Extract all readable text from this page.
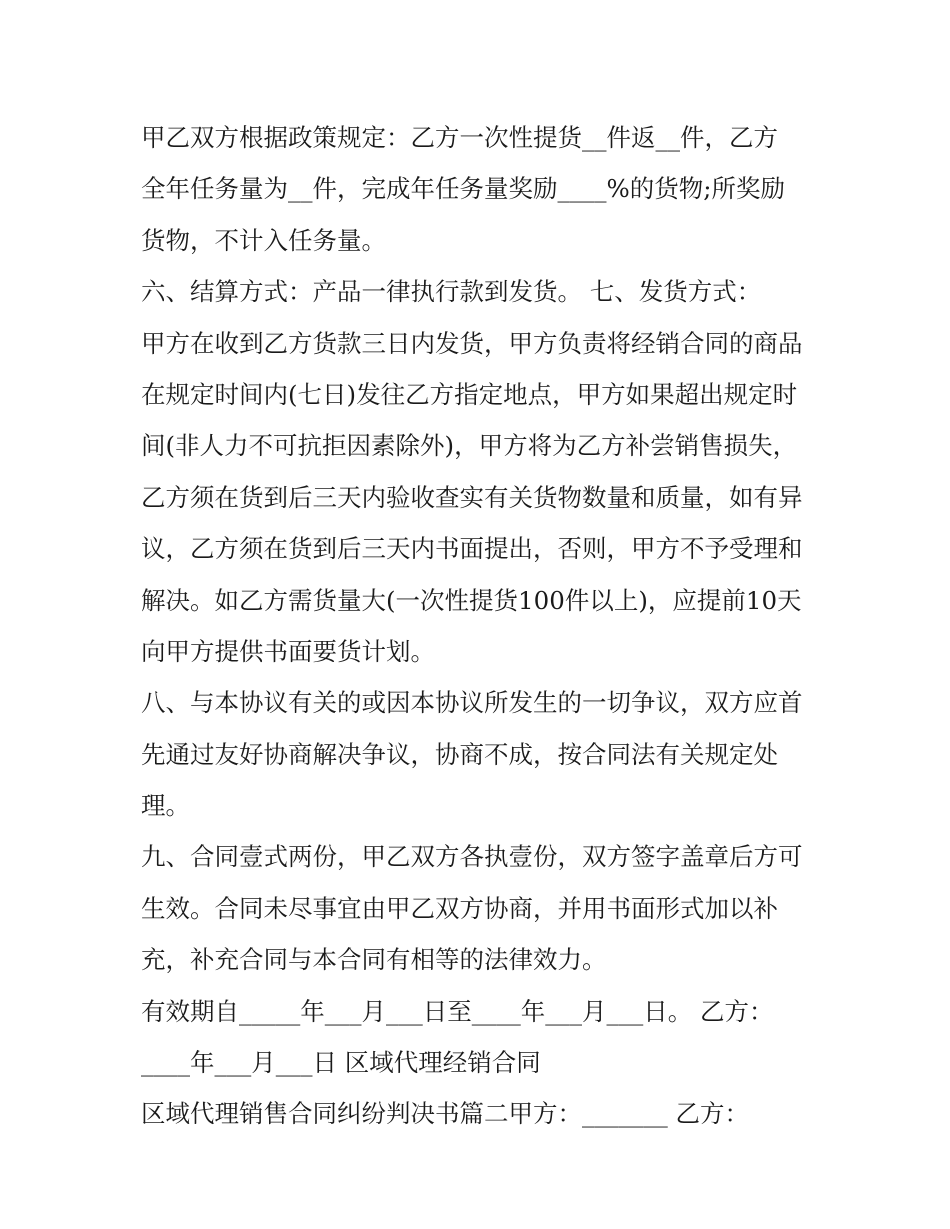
甲乙双方根据政策规定：乙方一次性提货__件返__件，乙方
全年任务量为__件，完成年任务量奖励____%的货物;所奖励
货物，不计入任务量。
六、结算方式：产品一律执行款到发货。 七、发货方式：
甲方在收到乙方货款三日内发货，甲方负责将经销合同的商品
在规定时间内(七日)发往乙方指定地点，甲方如果超出规定时
间(非人力不可抗拒因素除外)，甲方将为乙方补尝销售损失，
乙方须在货到后三天内验收查实有关货物数量和质量，如有异
议，乙方须在货到后三天内书面提出，否则，甲方不予受理和
解决。如乙方需货量大(一次性提货100件以上)，应提前10天
向甲方提供书面要货计划。
八、与本协议有关的或因本协议所发生的一切争议，双方应首
先通过友好协商解决争议，协商不成，按合同法有关规定处
理。
九、合同壹式两份，甲乙双方各执壹份，双方签字盖章后方可
生效。合同未尽事宜由甲乙双方协商，并用书面形式加以补
充，补充合同与本合同有相等的法律效力。
有效期自_____年___月___日至____年___月___日。 乙方：
____年___月___日 区域代理经销合同
区域代理销售合同纠纷判决书篇二甲方：_______ 乙方：
